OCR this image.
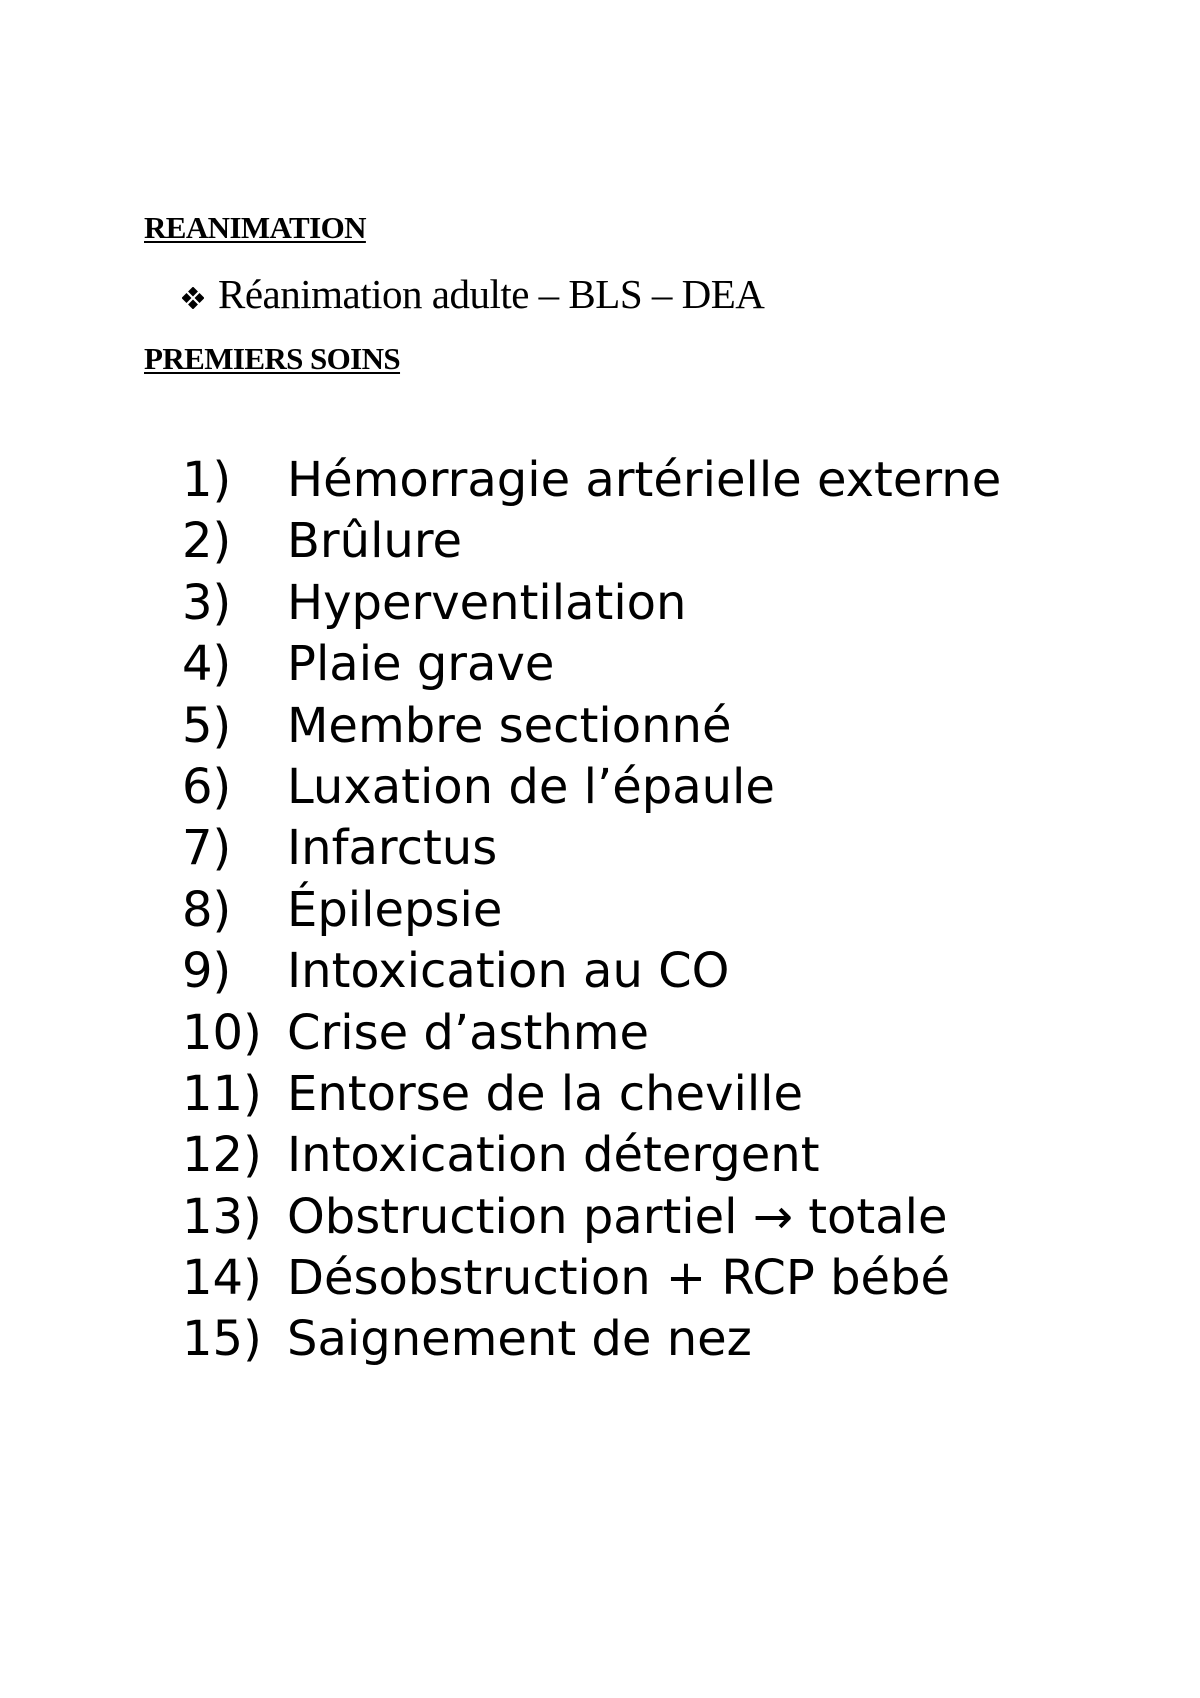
REANIMATION
Réanimation adulte – BLS – DEA
PREMIERS SOINS
1)	Hémorragie artérielle externe
2)	Brûlure
3)	Hyperventilation
4)	Plaie grave
5)	Membre sectionné
6)	Luxation de l’épaule
7)	Infarctus
8)	Épilepsie
9)	Intoxication au CO
10) Crise d’asthme
11) Entorse de la cheville
12) Intoxication détergent
13) Obstruction partiel → totale
14) Désobstruction + RCP bébé
15) Saignement de nez
